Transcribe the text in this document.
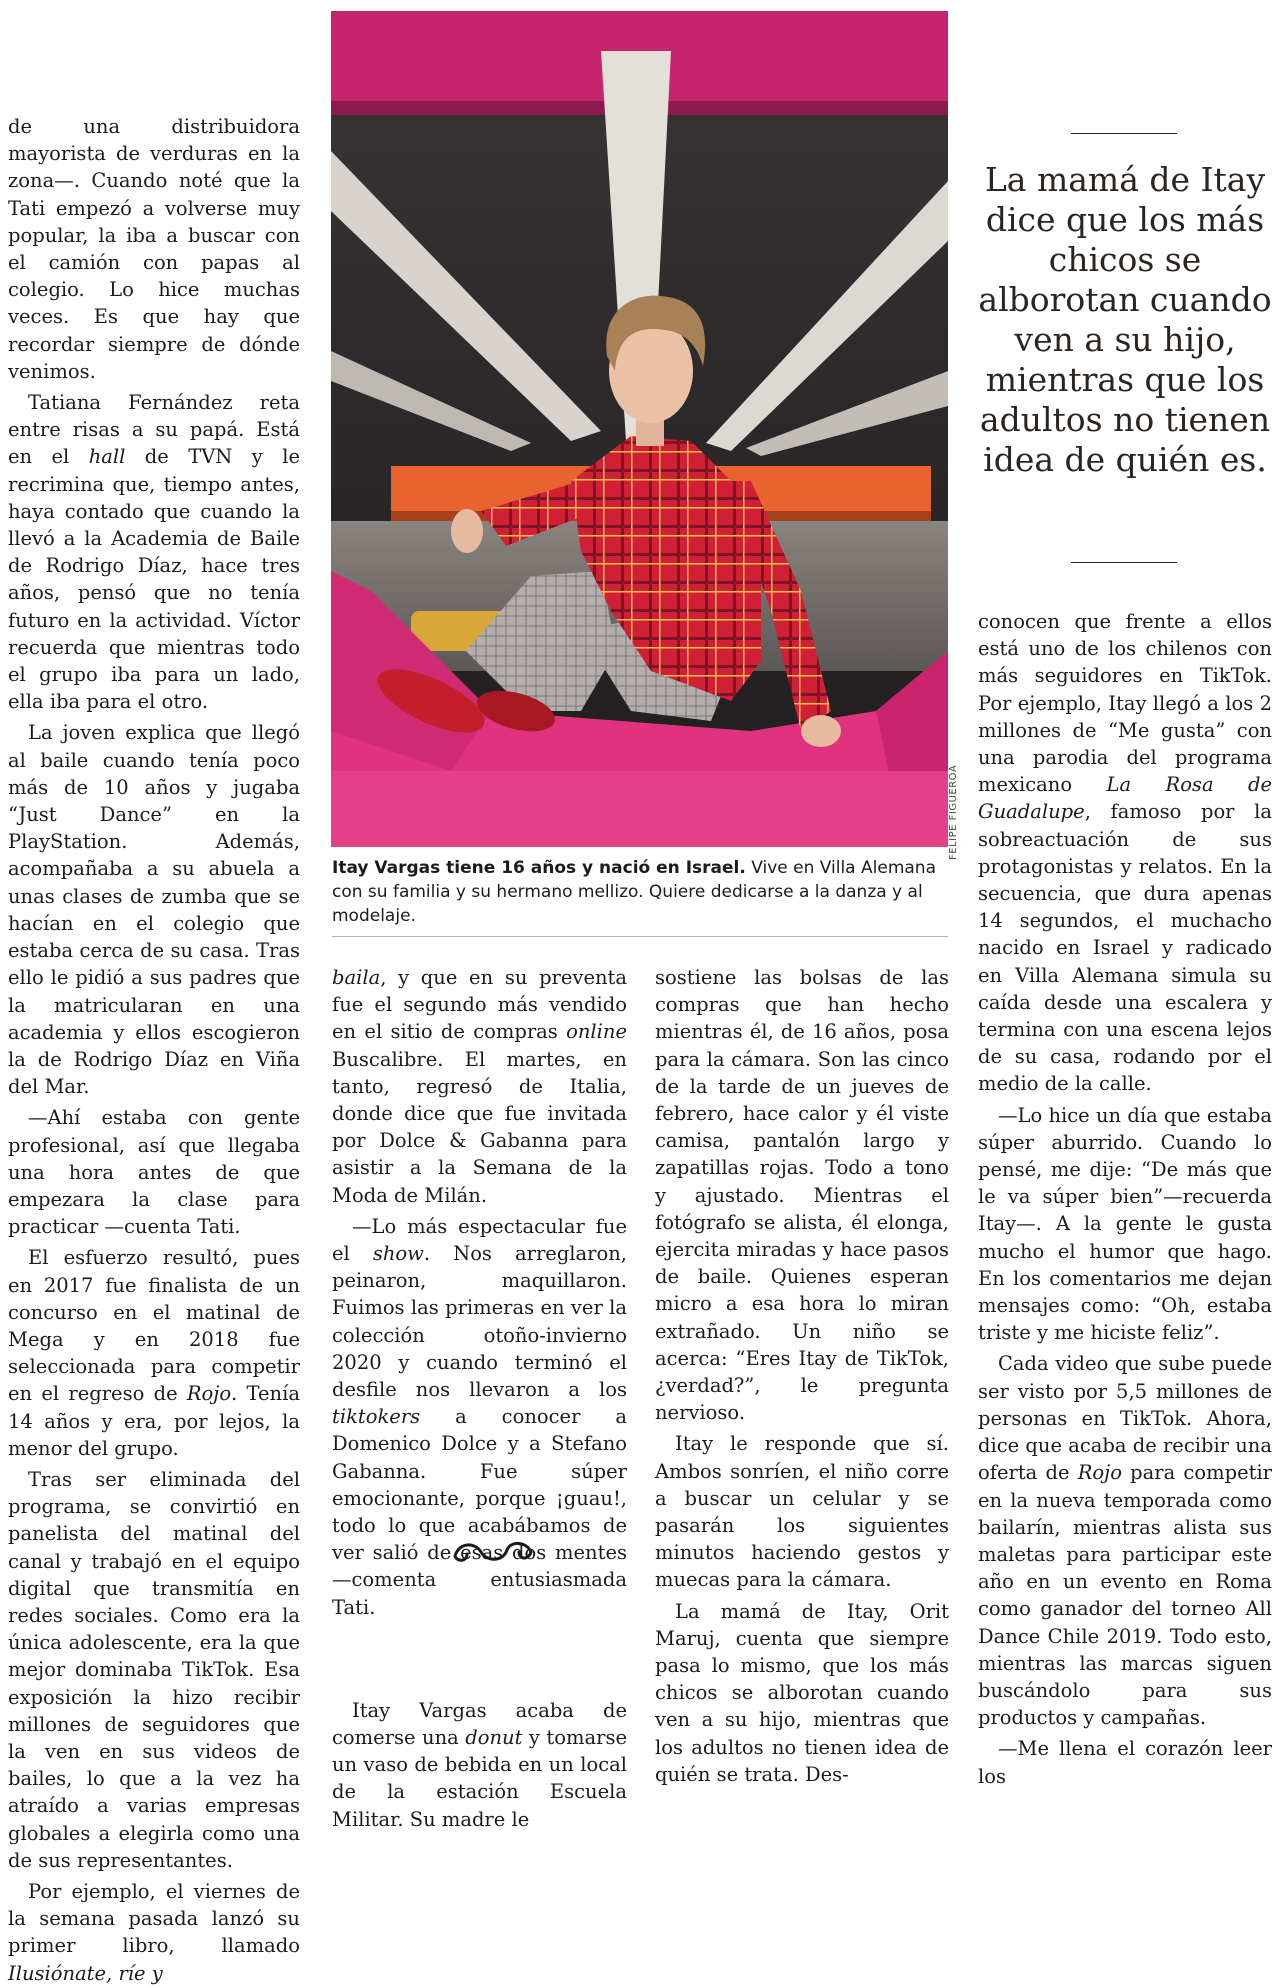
de una distribuidora mayorista de verduras en la zona—. Cuando noté que la Tati empezó a volverse muy popular, la iba a buscar con el camión con papas al colegio. Lo hice muchas veces. Es que hay que recordar siempre de dónde venimos.

Tatiana Fernández reta entre risas a su papá. Está en el hall de TVN y le recrimina que, tiempo antes, haya contado que cuando la llevó a la Academia de Baile de Rodrigo Díaz, hace tres años, pensó que no tenía futuro en la actividad. Víctor recuerda que mientras todo el grupo iba para un lado, ella iba para el otro.

La joven explica que llegó al baile cuando tenía poco más de 10 años y jugaba “Just Dance” en la PlayStation. Además, acompañaba a su abuela a unas clases de zumba que se hacían en el colegio que estaba cerca de su casa. Tras ello le pidió a sus padres que la matricularan en una academia y ellos escogieron la de Rodrigo Díaz en Viña del Mar.

—Ahí estaba con gente profesional, así que llegaba una hora antes de que empezara la clase para practicar —cuenta Tati.

El esfuerzo resultó, pues en 2017 fue finalista de un concurso en el matinal de Mega y en 2018 fue seleccionada para competir en el regreso de Rojo. Tenía 14 años y era, por lejos, la menor del grupo.

Tras ser eliminada del programa, se convirtió en panelista del matinal del canal y trabajó en el equipo digital que transmitía en redes sociales. Como era la única adolescente, era la que mejor dominaba TikTok. Esa exposición la hizo recibir millones de seguidores que la ven en sus videos de bailes, lo que a la vez ha atraído a varias empresas globales a elegirla como una de sus representantes.

Por ejemplo, el viernes de la semana pasada lanzó su primer libro, llamado Ilusiónate, ríe y

FELIPE FIGUEROA
Itay Vargas tiene 16 años y nació en Israel. Vive en Villa Alemana con su familia y su hermano mellizo. Quiere dedicarse a la danza y al modelaje.
La mamá de Itay dice que los más chicos se alborotan cuando ven a su hijo, mientras que los adultos no tienen idea de quién es.

baila, y que en su preventa fue el segundo más vendido en el sitio de compras online Buscalibre. El martes, en tanto, regresó de Italia, donde dice que fue invitada por Dolce & Gabanna para asistir a la Semana de la Moda de Milán.

—Lo más espectacular fue el show. Nos arreglaron, peinaron, maquillaron. Fuimos las primeras en ver la colección otoño-invierno 2020 y cuando terminó el desfile nos llevaron a los tiktokers a conocer a Domenico Dolce y a Stefano Gabanna. Fue súper emocionante, porque ¡guau!, todo lo que acabábamos de ver salió de esas dos mentes —comenta entusiasmada Tati.

Itay Vargas acaba de comerse una donut y tomarse un vaso de bebida en un local de la estación Escuela Militar. Su madre le

sostiene las bolsas de las compras que han hecho mientras él, de 16 años, posa para la cámara. Son las cinco de la tarde de un jueves de febrero, hace calor y él viste camisa, pantalón largo y zapatillas rojas. Todo a tono y ajustado. Mientras el fotógrafo se alista, él elonga, ejercita miradas y hace pasos de baile. Quienes esperan micro a esa hora lo miran extrañado. Un niño se acerca: “Eres Itay de TikTok, ¿verdad?”, le pregunta nervioso.

Itay le responde que sí. Ambos sonríen, el niño corre a buscar un celular y se pasarán los siguientes minutos haciendo gestos y muecas para la cámara.

La mamá de Itay, Orit Maruj, cuenta que siempre pasa lo mismo, que los más chicos se alborotan cuando ven a su hijo, mientras que los adultos no tienen idea de quién se trata. Des-

conocen que frente a ellos está uno de los chilenos con más seguidores en TikTok. Por ejemplo, Itay llegó a los 2 millones de “Me gusta” con una parodia del programa mexicano La Rosa de Guadalupe, famoso por la sobreactuación de sus protagonistas y relatos. En la secuencia, que dura apenas 14 segundos, el muchacho nacido en Israel y radicado en Villa Alemana simula su caída desde una escalera y termina con una escena lejos de su casa, rodando por el medio de la calle.

—Lo hice un día que estaba súper aburrido. Cuando lo pensé, me dije: “De más que le va súper bien”—recuerda Itay—. A la gente le gusta mucho el humor que hago. En los comentarios me dejan mensajes como: “Oh, estaba triste y me hiciste feliz”.

Cada video que sube puede ser visto por 5,5 millones de personas en TikTok. Ahora, dice que acaba de recibir una oferta de Rojo para competir en la nueva temporada como bailarín, mientras alista sus maletas para participar este año en un evento en Roma como ganador del torneo All Dance Chile 2019. Todo esto, mientras las marcas siguen buscándolo para sus productos y campañas.

—Me llena el corazón leer los
